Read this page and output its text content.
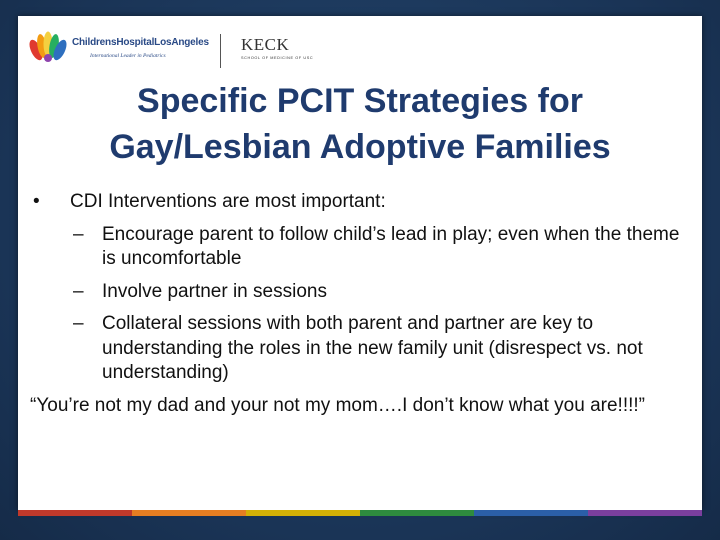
ChildrensHospitalLosAngeles
International Leader in Pediatrics
KECK
SCHOOL OF MEDICINE OF USC
Specific PCIT Strategies for
Gay/Lesbian Adoptive Families

• CDI Interventions are most important:

– Encourage parent to follow child’s lead in play; even when the theme is uncomfortable

– Involve partner in sessions

– Collateral sessions with both parent and partner are key to understanding the roles in the new family unit (disrespect vs. not understanding)

“You’re not my dad and your not my mom….I don’t know what you are!!!!”
